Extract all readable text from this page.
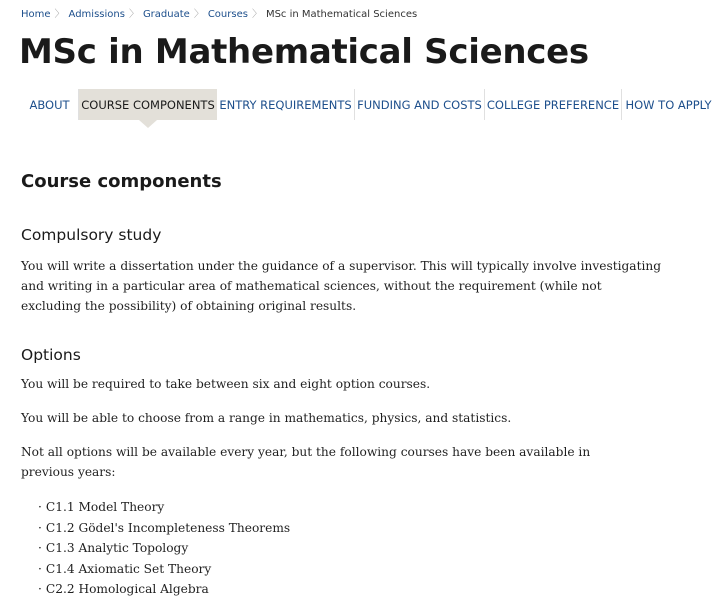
Home 〉 Admissions 〉 Graduate 〉 Courses 〉 MSc in Mathematical Sciences
MSc in Mathematical Sciences
ABOUT	COURSE COMPONENTS ENTRY REQUIREMENTS FUNDING AND COSTS COLLEGE PREFERENCE HOW TO APPLY
Course components
Compulsory study

You will write a dissertation under the guidance of a supervisor. This will typically involve investigating and writing in a particular area of mathematical sciences, without the requirement (while not excluding the possibility) of obtaining original results.

Options

You will be required to take between six and eight option courses.

You will be able to choose from a range in mathematics, physics, and statistics.

Not all options will be available every year, but the following courses have been available in previous years:

· C1.1 Model Theory
· C1.2 Gödel's Incompleteness Theorems
· C1.3 Analytic Topology
· C1.4 Axiomatic Set Theory
· C2.2 Homological Algebra
